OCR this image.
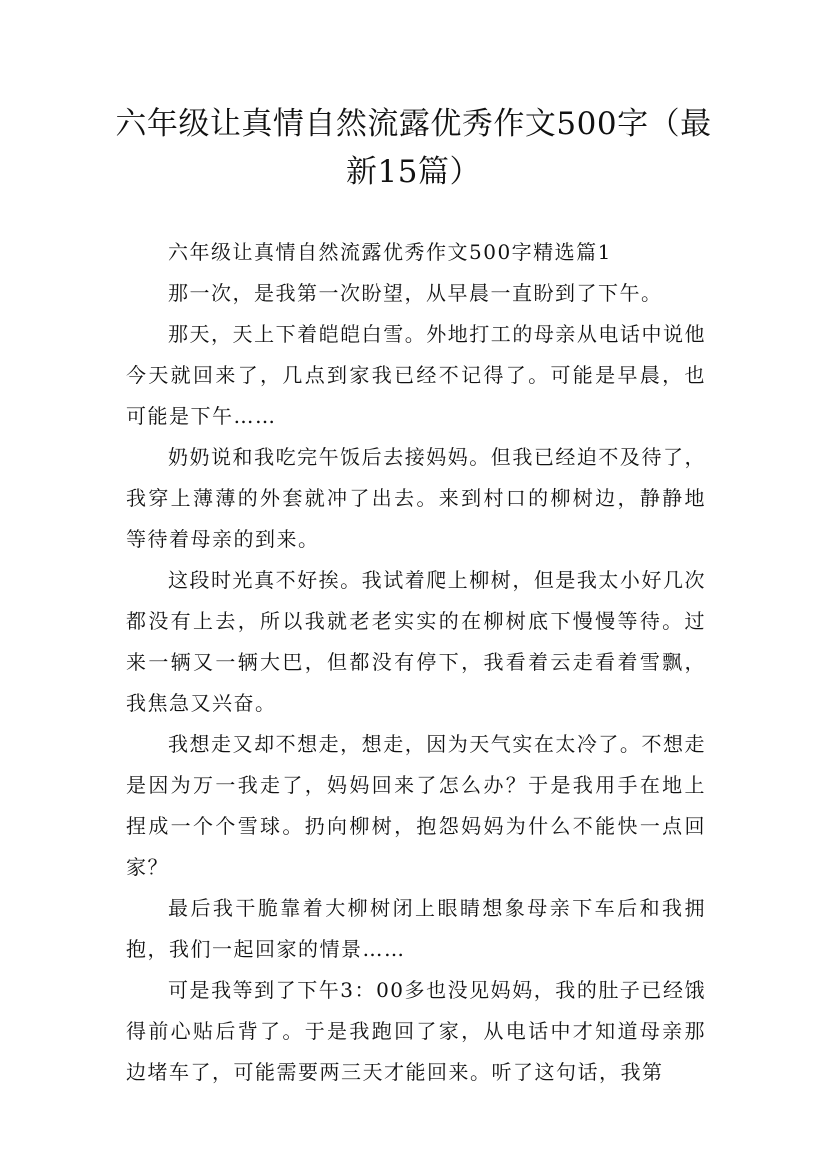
六年级让真情自然流露优秀作文500字（最新15篇）

六年级让真情自然流露优秀作文500字精选篇1

那一次，是我第一次盼望，从早晨一直盼到了下午。

那天，天上下着皑皑白雪。外地打工的母亲从电话中说他今天就回来了，几点到家我已经不记得了。可能是早晨，也可能是下午……

奶奶说和我吃完午饭后去接妈妈。但我已经迫不及待了，我穿上薄薄的外套就冲了出去。来到村口的柳树边，静静地等待着母亲的到来。

这段时光真不好挨。我试着爬上柳树，但是我太小好几次都没有上去，所以我就老老实实的在柳树底下慢慢等待。过来一辆又一辆大巴，但都没有停下，我看着云走看着雪飘，我焦急又兴奋。

我想走又却不想走，想走，因为天气实在太冷了。不想走是因为万一我走了，妈妈回来了怎么办？于是我用手在地上捏成一个个雪球。扔向柳树，抱怨妈妈为什么不能快一点回家？

最后我干脆靠着大柳树闭上眼睛想象母亲下车后和我拥抱，我们一起回家的情景……

可是我等到了下午3：00多也没见妈妈，我的肚子已经饿得前心贴后背了。于是我跑回了家，从电话中才知道母亲那边堵车了，可能需要两三天才能回来。听了这句话，我第
